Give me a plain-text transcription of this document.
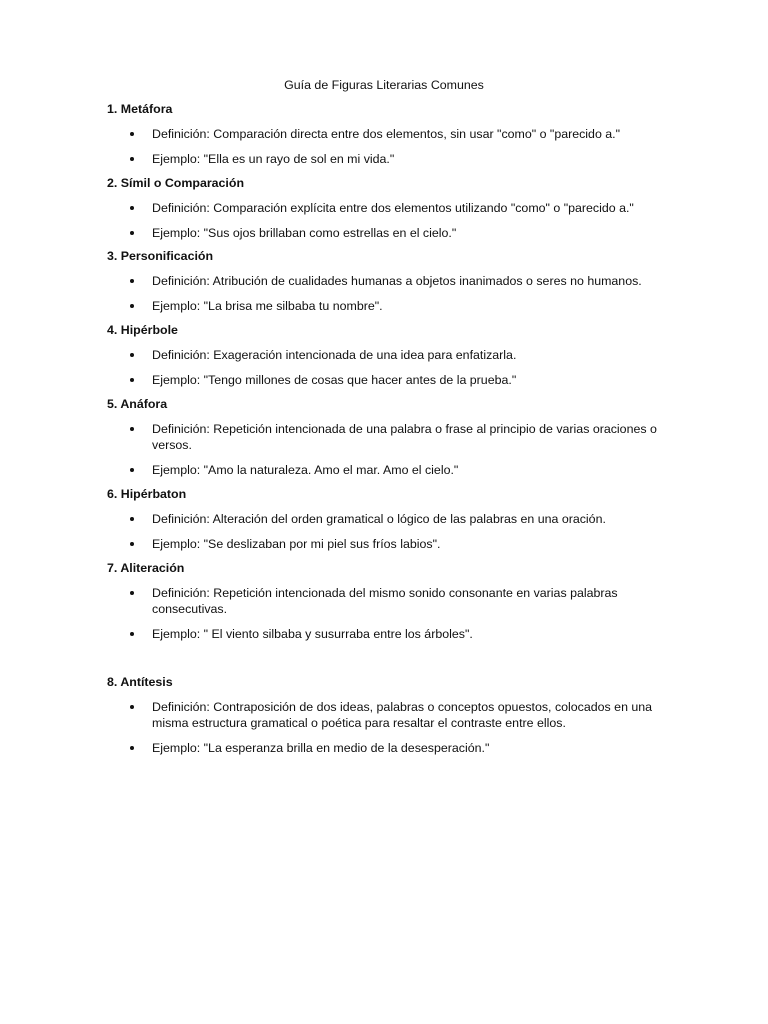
Guía de Figuras Literarias Comunes
1. Metáfora
Definición: Comparación directa entre dos elementos, sin usar "como" o "parecido a."
Ejemplo: "Ella es un rayo de sol en mi vida."
2. Símil o Comparación
Definición: Comparación explícita entre dos elementos utilizando "como" o "parecido a."
Ejemplo: "Sus ojos brillaban como estrellas en el cielo."
3. Personificación
Definición: Atribución de cualidades humanas a objetos inanimados o seres no humanos.
Ejemplo: "La brisa me silbaba tu nombre".
4. Hipérbole
Definición: Exageración intencionada de una idea para enfatizarla.
Ejemplo: "Tengo millones de cosas que hacer antes de la prueba."
5. Anáfora
Definición: Repetición intencionada de una palabra o frase al principio de varias oraciones o versos.
Ejemplo: "Amo la naturaleza. Amo el mar. Amo el cielo."
6. Hipérbaton
Definición: Alteración del orden gramatical o lógico de las palabras en una oración.
Ejemplo: "Se deslizaban por mi piel sus fríos labios".
7. Aliteración
Definición: Repetición intencionada del mismo sonido consonante en varias palabras consecutivas.
Ejemplo: " El viento silbaba y susurraba entre los árboles".
8. Antítesis
Definición: Contraposición de dos ideas, palabras o conceptos opuestos, colocados en una misma estructura gramatical o poética para resaltar el contraste entre ellos.
Ejemplo: "La esperanza brilla en medio de la desesperación."
